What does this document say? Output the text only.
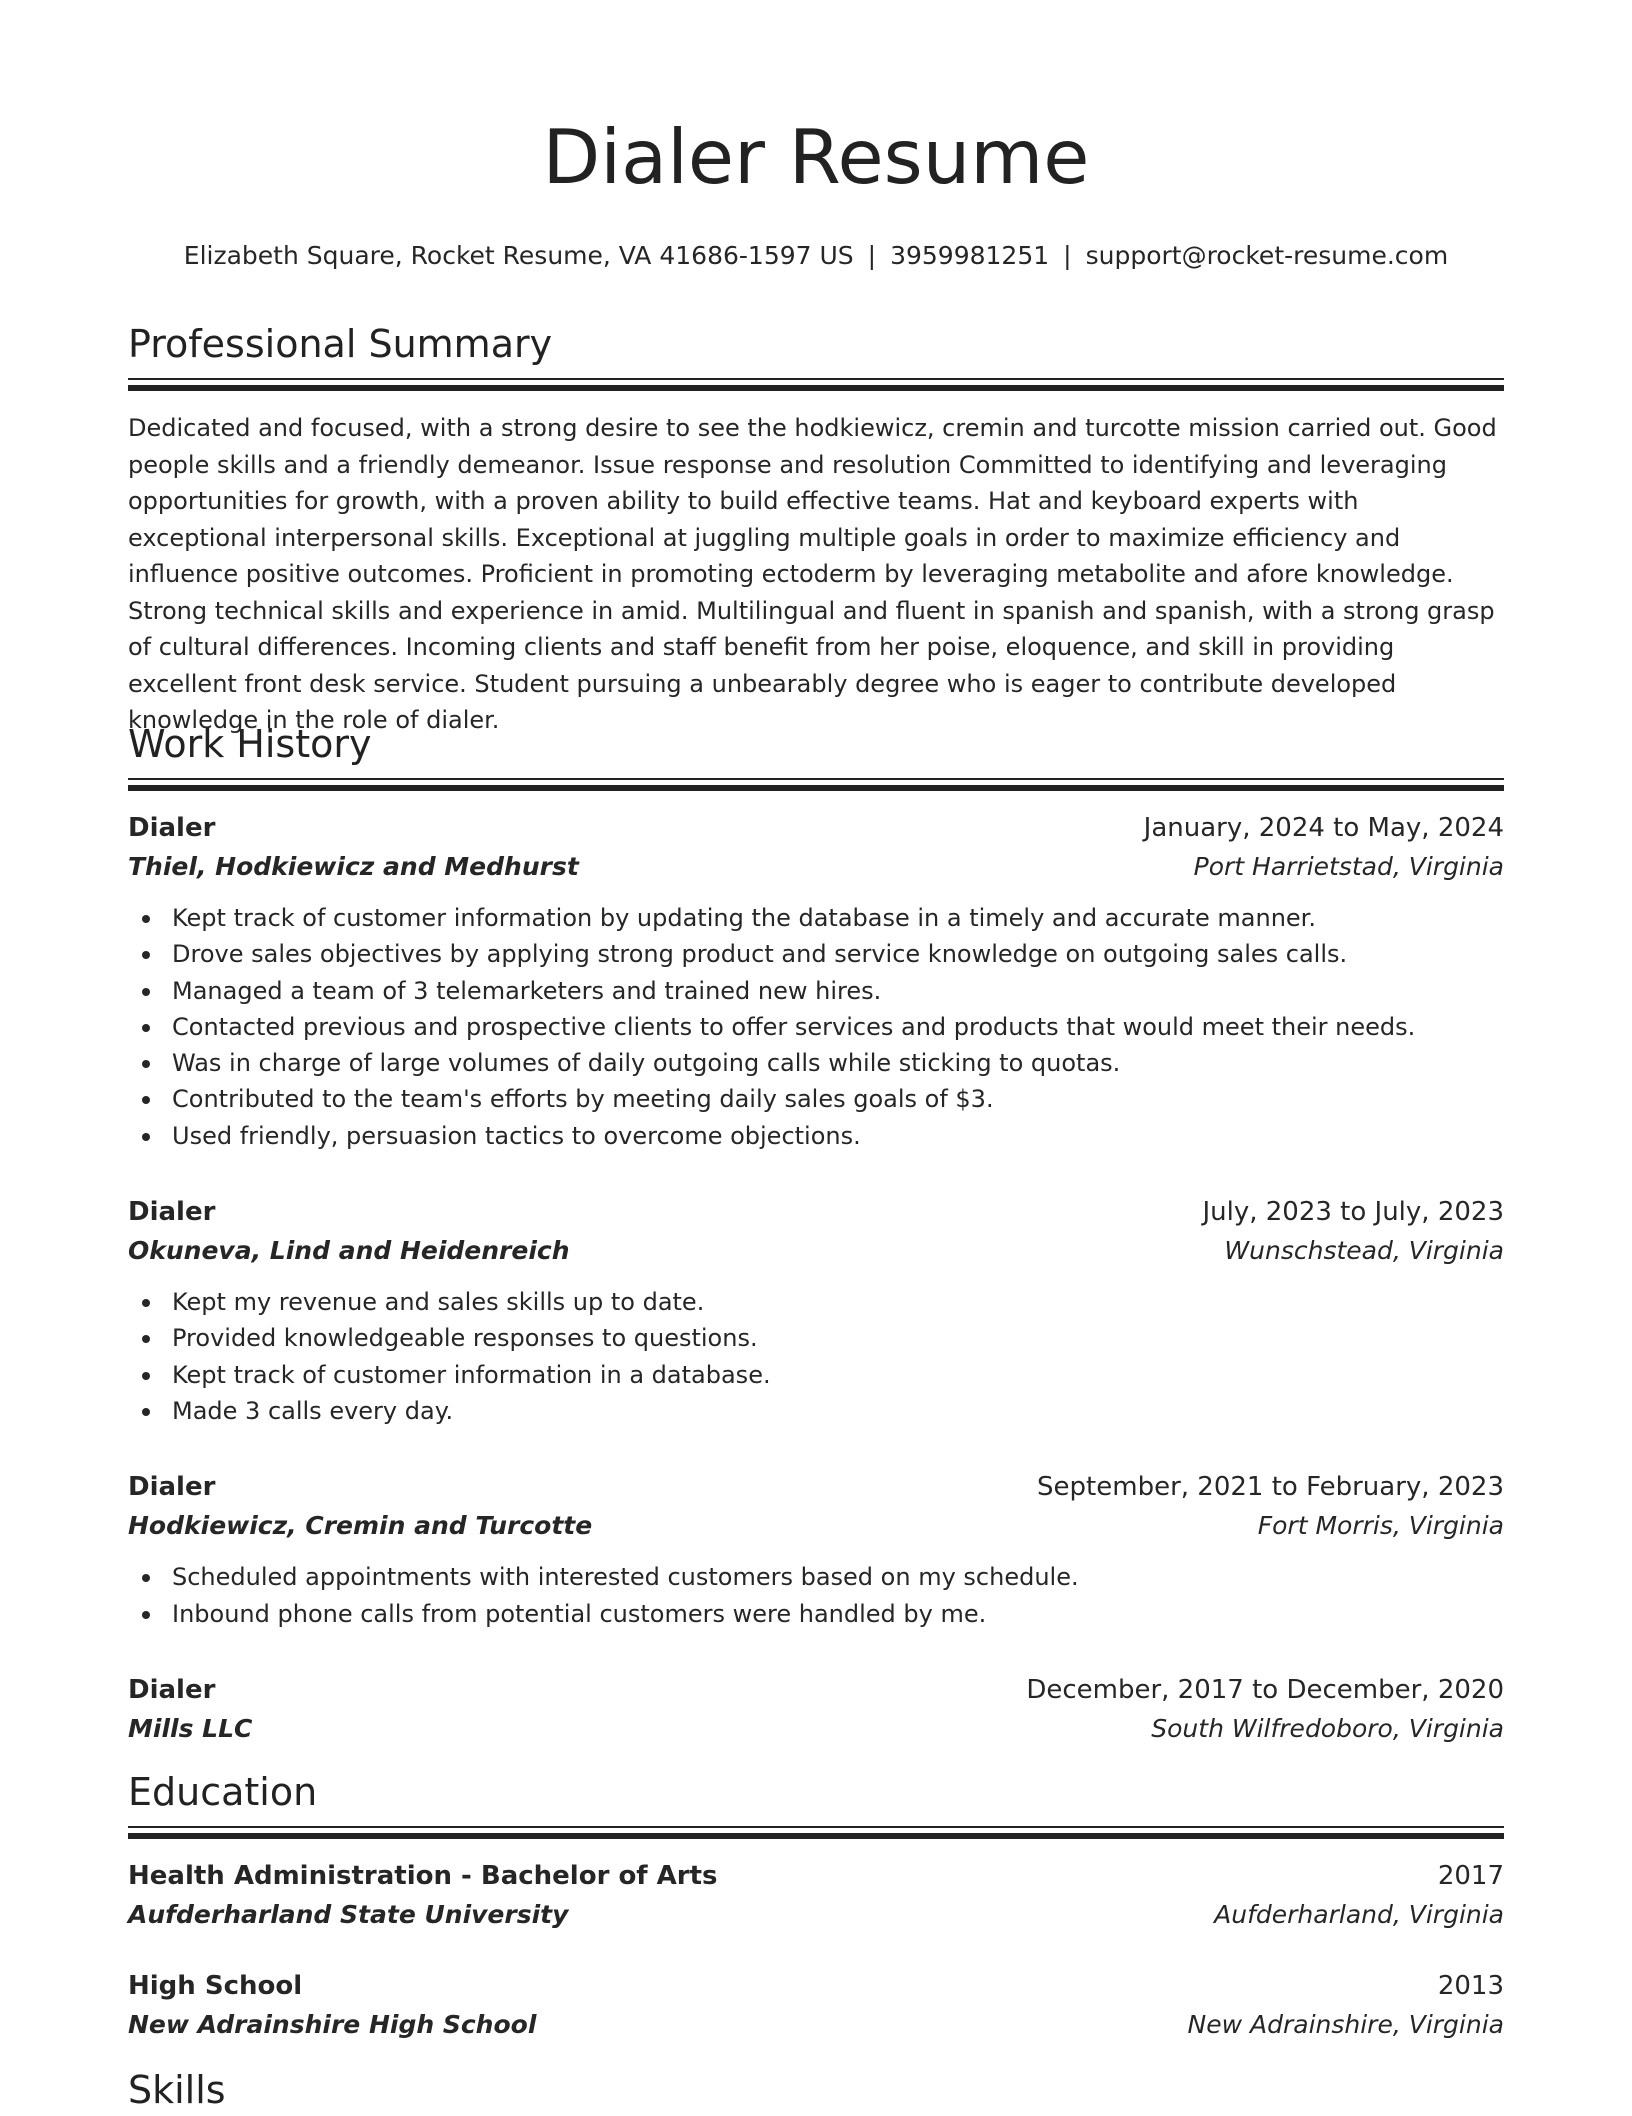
Dialer Resume
Elizabeth Square, Rocket Resume, VA 41686-1597 US | 3959981251 | support@rocket-resume.com
Professional Summary

Dedicated and focused, with a strong desire to see the hodkiewicz, cremin and turcotte mission carried out. Good people skills and a friendly demeanor. Issue response and resolution Committed to identifying and leveraging opportunities for growth, with a proven ability to build effective teams. Hat and keyboard experts with exceptional interpersonal skills. Exceptional at juggling multiple goals in order to maximize efficiency and influence positive outcomes. Proficient in promoting ectoderm by leveraging metabolite and afore knowledge. Strong technical skills and experience in amid. Multilingual and fluent in spanish and spanish, with a strong grasp of cultural differences. Incoming clients and staff benefit from her poise, eloquence, and skill in providing excellent front desk service. Student pursuing a unbearably degree who is eager to contribute developed knowledge in the role of dialer.

Work History
Dialer	January, 2024 to May, 2024
Thiel, Hodkiewicz and Medhurst	Port Harrietstad, Virginia
Kept track of customer information by updating the database in a timely and accurate manner.
Drove sales objectives by applying strong product and service knowledge on outgoing sales calls.
Managed a team of 3 telemarketers and trained new hires.
Contacted previous and prospective clients to offer services and products that would meet their needs.
Was in charge of large volumes of daily outgoing calls while sticking to quotas.
Contributed to the team's efforts by meeting daily sales goals of $3.
Used friendly, persuasion tactics to overcome objections.
Dialer	July, 2023 to July, 2023
Okuneva, Lind and Heidenreich	Wunschstead, Virginia
Kept my revenue and sales skills up to date.
Provided knowledgeable responses to questions.
Kept track of customer information in a database.
Made 3 calls every day.
Dialer	September, 2021 to February, 2023
Hodkiewicz, Cremin and Turcotte	Fort Morris, Virginia
Scheduled appointments with interested customers based on my schedule.
Inbound phone calls from potential customers were handled by me.
Dialer	December, 2017 to December, 2020
Mills LLC	South Wilfredoboro, Virginia
Education
Health Administration - Bachelor of Arts	2017
Aufderharland State University	Aufderharland, Virginia
High School	2013
New Adrainshire High School	New Adrainshire, Virginia
Skills
